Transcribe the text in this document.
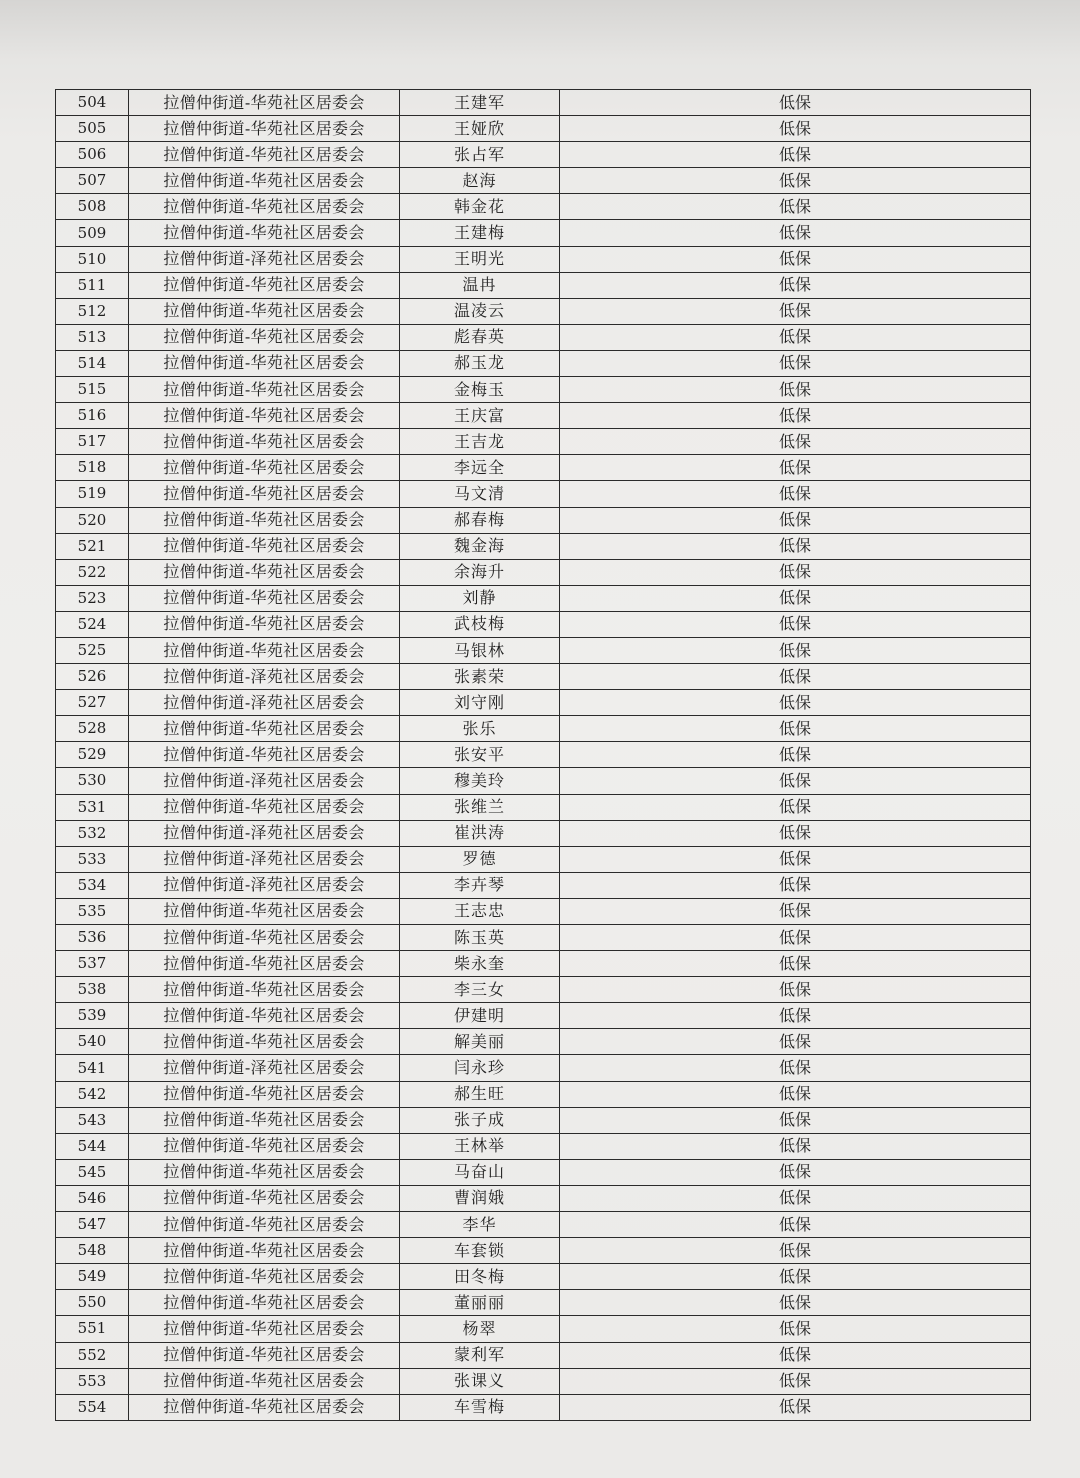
504	拉僧仲街道-华苑社区居委会	王建军	低保
505	拉僧仲街道-华苑社区居委会	王娅欣	低保
506	拉僧仲街道-华苑社区居委会	张占军	低保
507	拉僧仲街道-华苑社区居委会	赵海	低保
508	拉僧仲街道-华苑社区居委会	韩金花	低保
509	拉僧仲街道-华苑社区居委会	王建梅	低保
510	拉僧仲街道-泽苑社区居委会	王明光	低保
511	拉僧仲街道-华苑社区居委会	温冉	低保
512	拉僧仲街道-华苑社区居委会	温凌云	低保
513	拉僧仲街道-华苑社区居委会	彪春英	低保
514	拉僧仲街道-华苑社区居委会	郝玉龙	低保
515	拉僧仲街道-华苑社区居委会	金梅玉	低保
516	拉僧仲街道-华苑社区居委会	王庆富	低保
517	拉僧仲街道-华苑社区居委会	王吉龙	低保
518	拉僧仲街道-华苑社区居委会	李远全	低保
519	拉僧仲街道-华苑社区居委会	马文清	低保
520	拉僧仲街道-华苑社区居委会	郝春梅	低保
521	拉僧仲街道-华苑社区居委会	魏金海	低保
522	拉僧仲街道-华苑社区居委会	余海升	低保
523	拉僧仲街道-华苑社区居委会	刘静	低保
524	拉僧仲街道-华苑社区居委会	武枝梅	低保
525	拉僧仲街道-华苑社区居委会	马银林	低保
526	拉僧仲街道-泽苑社区居委会	张素荣	低保
527	拉僧仲街道-泽苑社区居委会	刘守刚	低保
528	拉僧仲街道-华苑社区居委会	张乐	低保
529	拉僧仲街道-华苑社区居委会	张安平	低保
530	拉僧仲街道-泽苑社区居委会	穆美玲	低保
531	拉僧仲街道-华苑社区居委会	张维兰	低保
532	拉僧仲街道-泽苑社区居委会	崔洪涛	低保
533	拉僧仲街道-泽苑社区居委会	罗德	低保
534	拉僧仲街道-泽苑社区居委会	李卉琴	低保
535	拉僧仲街道-华苑社区居委会	王志忠	低保
536	拉僧仲街道-华苑社区居委会	陈玉英	低保
537	拉僧仲街道-华苑社区居委会	柴永奎	低保
538	拉僧仲街道-华苑社区居委会	李三女	低保
539	拉僧仲街道-华苑社区居委会	伊建明	低保
540	拉僧仲街道-华苑社区居委会	解美丽	低保
541	拉僧仲街道-泽苑社区居委会	闫永珍	低保
542	拉僧仲街道-华苑社区居委会	郝生旺	低保
543	拉僧仲街道-华苑社区居委会	张子成	低保
544	拉僧仲街道-华苑社区居委会	王林举	低保
545	拉僧仲街道-华苑社区居委会	马奋山	低保
546	拉僧仲街道-华苑社区居委会	曹润娥	低保
547	拉僧仲街道-华苑社区居委会	李华	低保
548	拉僧仲街道-华苑社区居委会	车套锁	低保
549	拉僧仲街道-华苑社区居委会	田冬梅	低保
550	拉僧仲街道-华苑社区居委会	董丽丽	低保
551	拉僧仲街道-华苑社区居委会	杨翠	低保
552	拉僧仲街道-华苑社区居委会	蒙利军	低保
553	拉僧仲街道-华苑社区居委会	张课义	低保
554	拉僧仲街道-华苑社区居委会	车雪梅	低保
